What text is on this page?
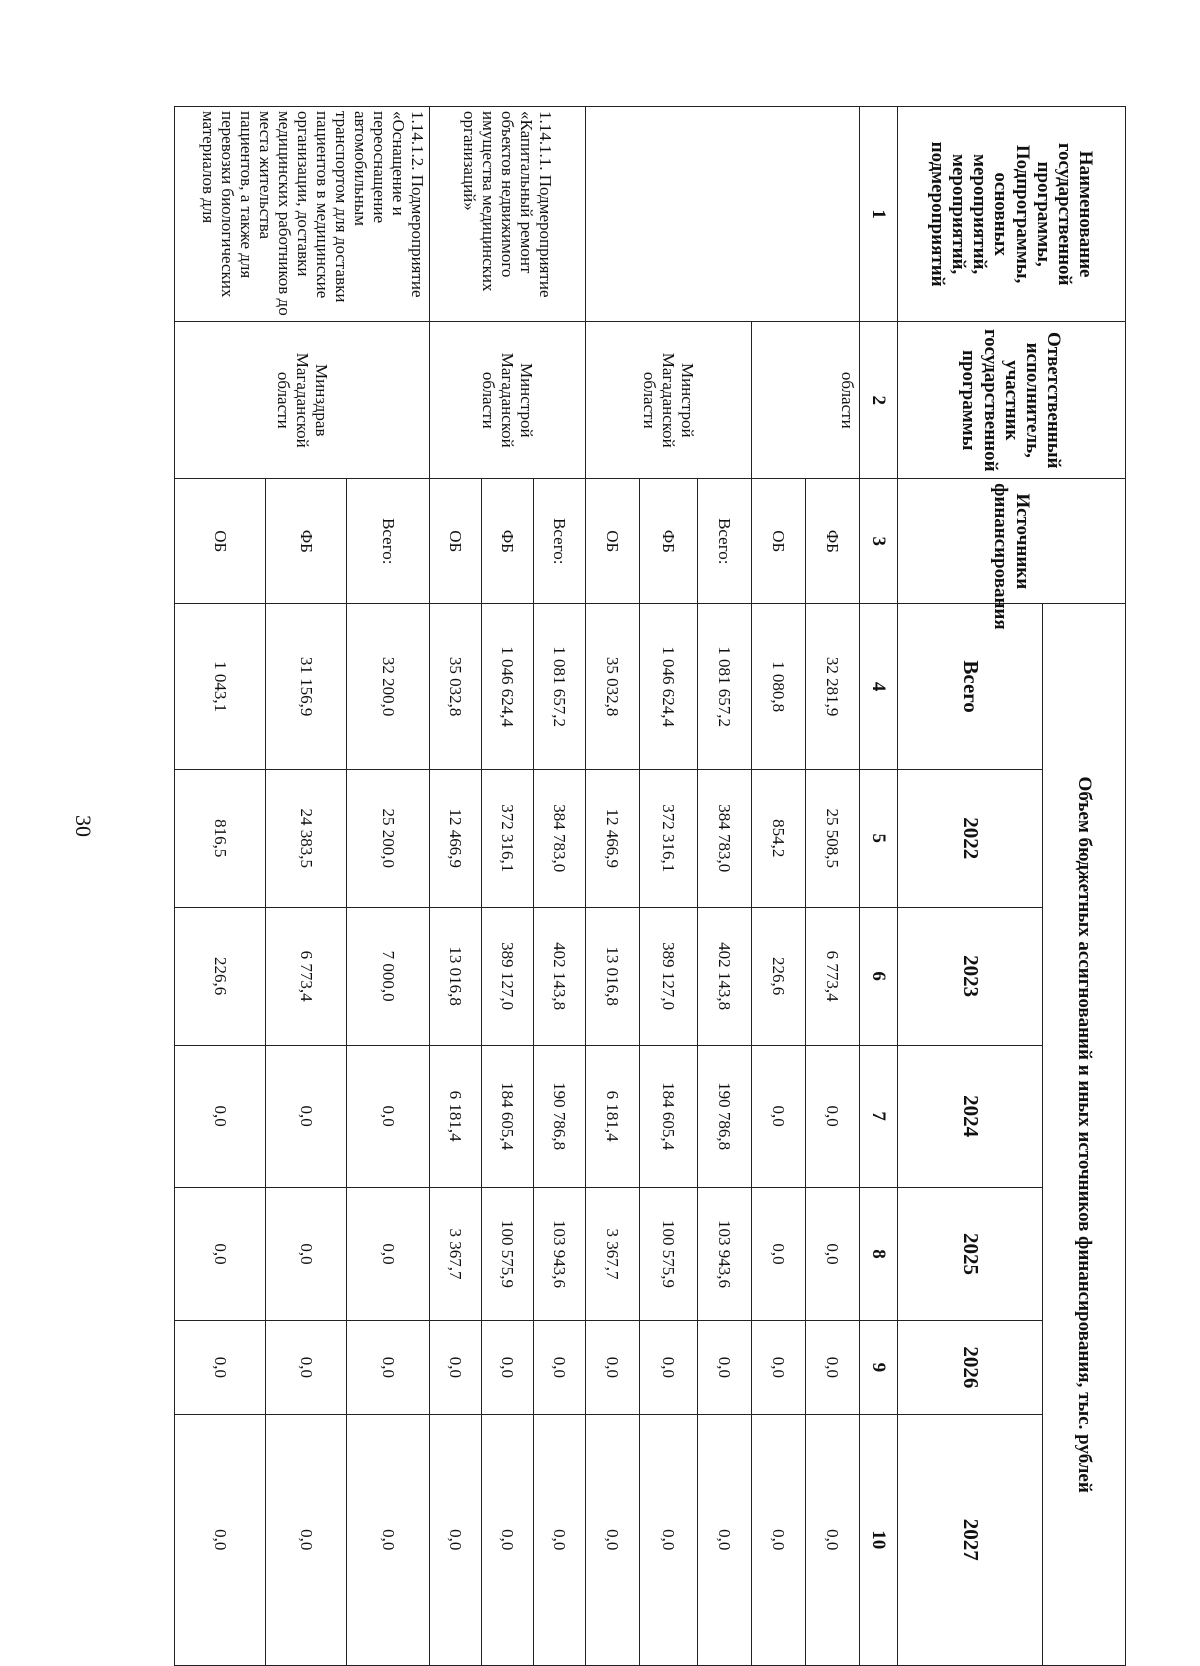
30
Наименование государственной программы, Подпрограммы, основных мероприятий, мероприятий, подмероприятий	Ответственный исполнитель, участник государственной программы	Источники финансирования	Объем бюджетных ассигнований и иных источников финансирования, тыс. рублей						
			Всего	2022	2023	2024	2025	2026	2027
1	2	3	4	5	6	7	8	9	10
	области	ФБ	32 281,9	25 508,5	6 773,4	0,0	0,0	0,0	0,0
		ОБ	1 080,8	854,2	226,6	0,0	0,0	0,0	0,0
	Минстрой Магаданской области	Всего:	1 081 657,2	384 783,0	402 143,8	190 786,8	103 943,6	0,0	0,0
		ФБ	1 046 624,4	372 316,1	389 127,0	184 605,4	100 575,9	0,0	0,0
		ОБ	35 032,8	12 466,9	13 016,8	6 181,4	3 367,7	0,0	0,0
1.14.1.1. Подмероприятие «Капитальный ремонт объектов недвижимого имущества медицинских организаций»	Минстрой Магаданской области	Всего:	1 081 657,2	384 783,0	402 143,8	190 786,8	103 943,6	0,0	0,0
		ФБ	1 046 624,4	372 316,1	389 127,0	184 605,4	100 575,9	0,0	0,0
		ОБ	35 032,8	12 466,9	13 016,8	6 181,4	3 367,7	0,0	0,0
1.14.1.2. Подмероприятие «Оснащение и переоснащение автомобильным транспортом для доставки пациентов в медицинские организации, доставки медицинских работников до места жительства пациентов, а также для перевозки биологических материалов для	Минздрав Магаданской области	Всего:	32 200,0	25 200,0	7 000,0	0,0	0,0	0,0	0,0
		ФБ	31 156,9	24 383,5	6 773,4	0,0	0,0	0,0	0,0
		ОБ	1 043,1	816,5	226,6	0,0	0,0	0,0	0,0
